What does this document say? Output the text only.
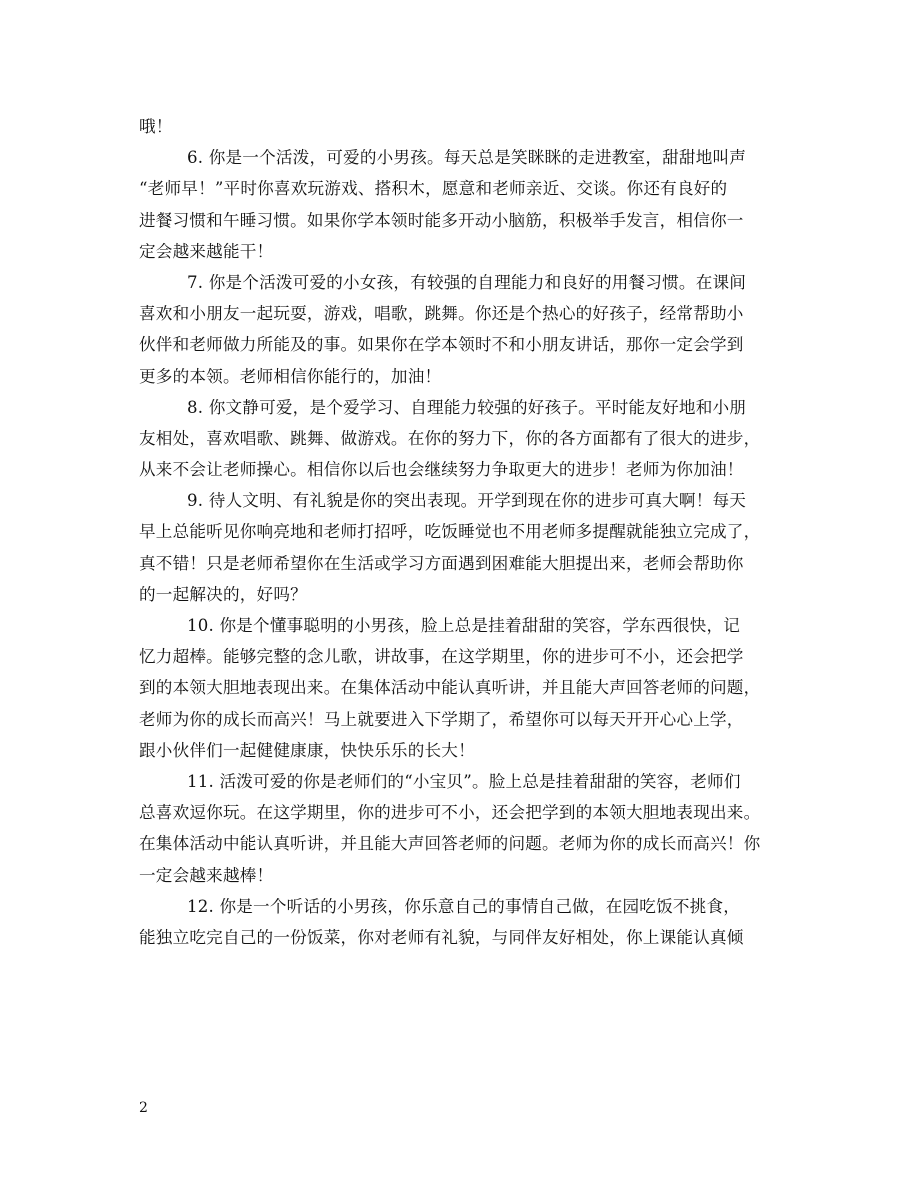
哦！
6. 你是一个活泼，可爱的小男孩。每天总是笑眯眯的走进教室，甜甜地叫声
“老师早！”平时你喜欢玩游戏、搭积木，愿意和老师亲近、交谈。你还有良好的
进餐习惯和午睡习惯。如果你学本领时能多开动小脑筋，积极举手发言，相信你一
定会越来越能干！
7. 你是个活泼可爱的小女孩，有较强的自理能力和良好的用餐习惯。在课间
喜欢和小朋友一起玩耍，游戏，唱歌，跳舞。你还是个热心的好孩子，经常帮助小
伙伴和老师做力所能及的事。如果你在学本领时不和小朋友讲话，那你一定会学到
更多的本领。老师相信你能行的，加油！
8. 你文静可爱，是个爱学习、自理能力较强的好孩子。平时能友好地和小朋
友相处，喜欢唱歌、跳舞、做游戏。在你的努力下，你的各方面都有了很大的进步，
从来不会让老师操心。相信你以后也会继续努力争取更大的进步！老师为你加油！
9. 待人文明、有礼貌是你的突出表现。开学到现在你的进步可真大啊！每天
早上总能听见你响亮地和老师打招呼，吃饭睡觉也不用老师多提醒就能独立完成了，
真不错！只是老师希望你在生活或学习方面遇到困难能大胆提出来，老师会帮助你
的一起解决的，好吗？
10. 你是个懂事聪明的小男孩，脸上总是挂着甜甜的笑容，学东西很快，记
忆力超棒。能够完整的念儿歌，讲故事，在这学期里，你的进步可不小，还会把学
到的本领大胆地表现出来。在集体活动中能认真听讲，并且能大声回答老师的问题，
老师为你的成长而高兴！马上就要进入下学期了，希望你可以每天开开心心上学，
跟小伙伴们一起健健康康，快快乐乐的长大！
11. 活泼可爱的你是老师们的“小宝贝”。脸上总是挂着甜甜的笑容，老师们
总喜欢逗你玩。在这学期里，你的进步可不小，还会把学到的本领大胆地表现出来。
在集体活动中能认真听讲，并且能大声回答老师的问题。老师为你的成长而高兴！你
一定会越来越棒！
12. 你是一个听话的小男孩，你乐意自己的事情自己做，在园吃饭不挑食，
能独立吃完自己的一份饭菜，你对老师有礼貌，与同伴友好相处，你上课能认真倾
2
